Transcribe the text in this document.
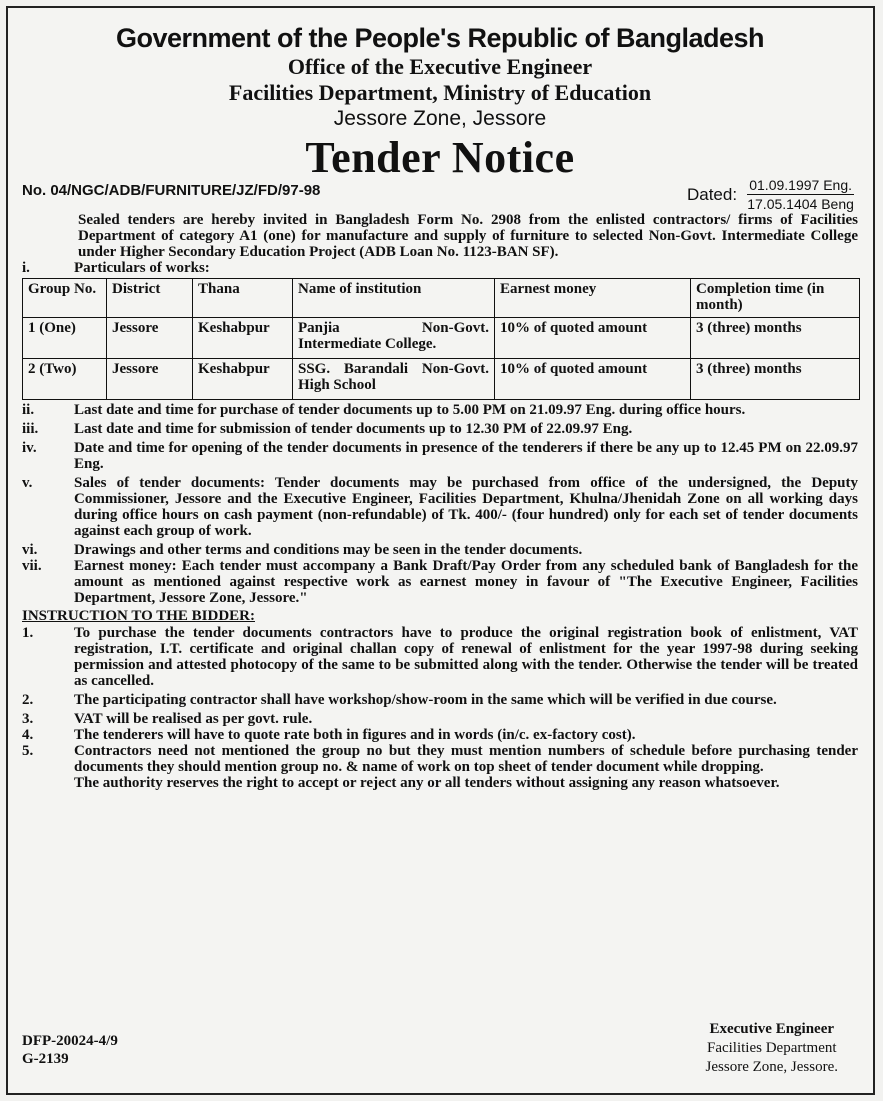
Government of the People's Republic of Bangladesh
Office of the Executive Engineer
Facilities Department, Ministry of Education
Jessore Zone, Jessore
Tender Notice
No. 04/NGC/ADB/FURNITURE/JZ/FD/97-98	Dated: 01.09.1997 Eng.
17.05.1404 Beng
Sealed tenders are hereby invited in Bangladesh Form No. 2908 from the enlisted contractors/ firms of Facilities Department of category A1 (one) for manufacture and supply of furniture to selected Non-Govt. Intermediate College under Higher Secondary Education Project (ADB Loan No. 1123-BAN SF).
i.	Particulars of works:
Group No.	District	Thana	Name of institution	Earnest money	Completion time (in month)
1 (One)	Jessore	Keshabpur	Panjia Non-Govt. Intermediate College.	10% of quoted amount	3 (three) months
2 (Two)	Jessore	Keshabpur	SSG. Barandali Non-Govt. High School	10% of quoted amount	3 (three) months
ii.	Last date and time for purchase of tender documents up to 5.00 PM on 21.09.97 Eng. during office hours.
iii.	Last date and time for submission of tender documents up to 12.30 PM of 22.09.97 Eng.
iv.	Date and time for opening of the tender documents in presence of the tenderers if there be any up to 12.45 PM on 22.09.97 Eng.
v.	Sales of tender documents: Tender documents may be purchased from office of the undersigned, the Deputy Commissioner, Jessore and the Executive Engineer, Facilities Department, Khulna/Jhenidah Zone on all working days during office hours on cash payment (non-refundable) of Tk. 400/- (four hundred) only for each set of tender documents against each group of work.
vi.	Drawings and other terms and conditions may be seen in the tender documents.
vii.	Earnest money: Each tender must accompany a Bank Draft/Pay Order from any scheduled bank of Bangladesh for the amount as mentioned against respective work as earnest money in favour of "The Executive Engineer, Facilities Department, Jessore Zone, Jessore."
INSTRUCTION TO THE BIDDER:
1.	To purchase the tender documents contractors have to produce the original registration book of enlistment, VAT registration, I.T. certificate and original challan copy of renewal of enlistment for the year 1997-98 during seeking permission and attested photocopy of the same to be submitted along with the tender. Otherwise the tender will be treated as cancelled.
2.	The participating contractor shall have workshop/show-room in the same which will be verified in due course.
3.	VAT will be realised as per govt. rule.
4.	The tenderers will have to quote rate both in figures and in words (in/c. ex-factory cost).
5.	Contractors need not mentioned the group no but they must mention numbers of schedule before purchasing tender documents they should mention group no. & name of work on top sheet of tender document while dropping.
The authority reserves the right to accept or reject any or all tenders without assigning any reason whatsoever.
DFP-20024-4/9
G-2139
Executive Engineer
Facilities Department
Jessore Zone, Jessore.
